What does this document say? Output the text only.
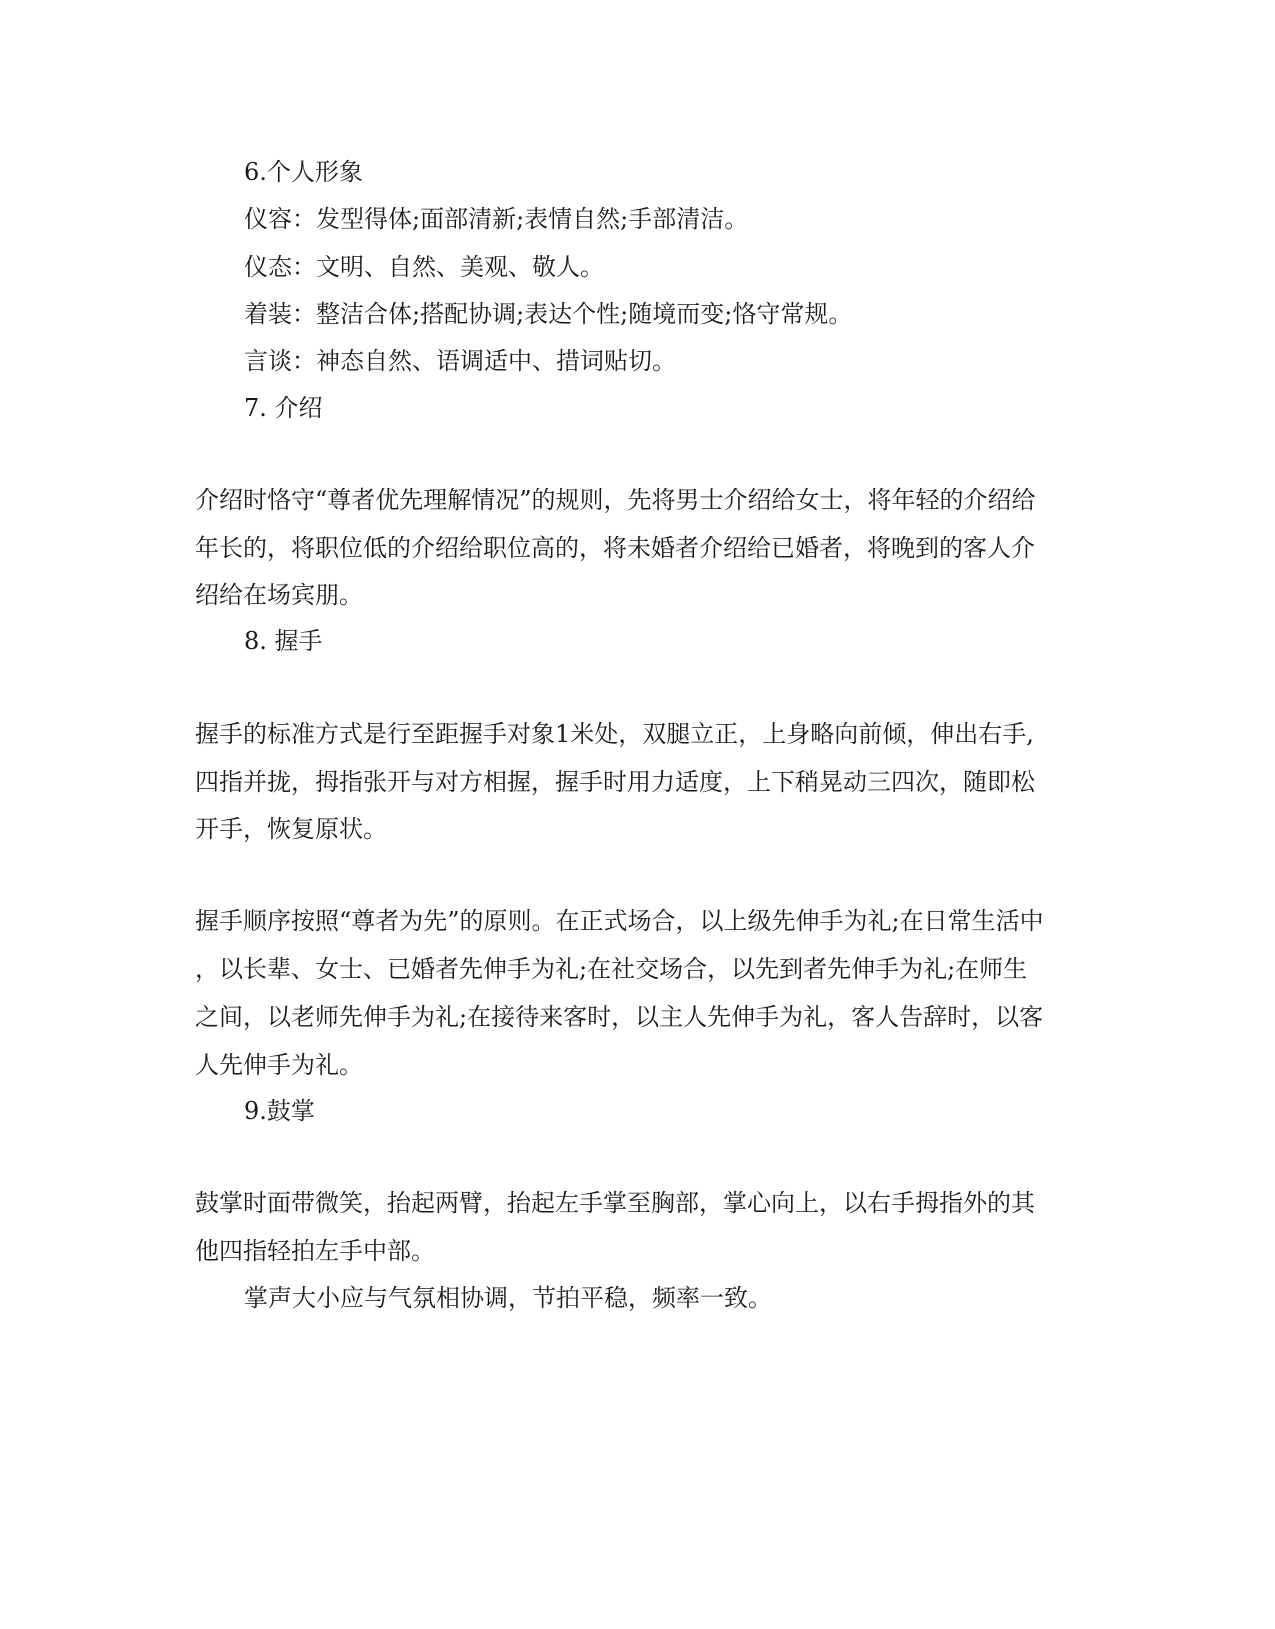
6.个人形象
仪容：发型得体;面部清新;表情自然;手部清洁。
仪态：文明、自然、美观、敬人。
着装：整洁合体;搭配协调;表达个性;随境而变;恪守常规。
言谈：神态自然、语调适中、措词贴切。
7. 介绍
介绍时恪守“尊者优先理解情况”的规则，先将男士介绍给女士，将年轻的介绍给
年长的，将职位低的介绍给职位高的，将未婚者介绍给已婚者，将晚到的客人介
绍给在场宾朋。
8. 握手
握手的标准方式是行至距握手对象1米处，双腿立正，上身略向前倾，伸出右手,
四指并拢，拇指张开与对方相握，握手时用力适度，上下稍晃动三四次，随即松
开手，恢复原状。
握手顺序按照“尊者为先”的原则。在正式场合，以上级先伸手为礼;在日常生活中
，以长辈、女士、已婚者先伸手为礼;在社交场合，以先到者先伸手为礼;在师生
之间，以老师先伸手为礼;在接待来客时，以主人先伸手为礼，客人告辞时，以客
人先伸手为礼。
9.鼓掌
鼓掌时面带微笑，抬起两臂，抬起左手掌至胸部，掌心向上，以右手拇指外的其
他四指轻拍左手中部。
掌声大小应与气氛相协调，节拍平稳，频率一致。
